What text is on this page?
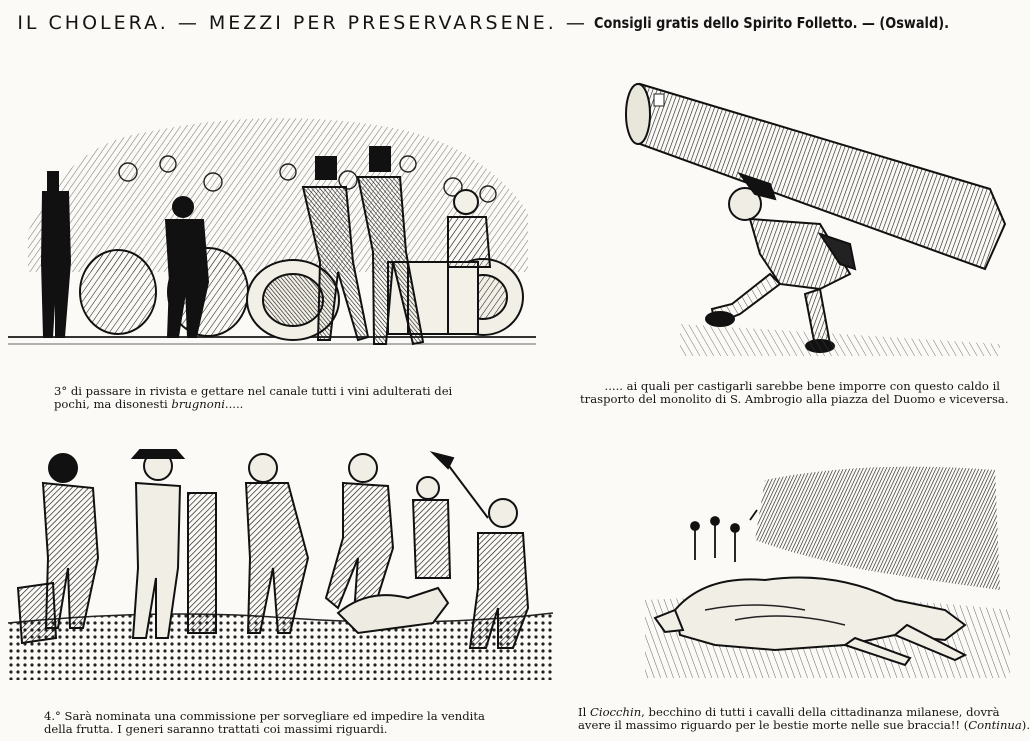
IL CHOLERA. — MEZZI PER PRESERVARSENE. — Consigli gratis dello Spirito Folletto. — (Oswald).
3° di passare in rivista e gettare nel canale tutti i vini adulterati dei
pochi, ma disonesti brugnoni.....
..... ai quali per castigarli sarebbe bene imporre con questo caldo il
trasporto del monolito di S. Ambrogio alla piazza del Duomo e viceversa.
4.° Sarà nominata una commissione per sorvegliare ed impedire la vendita
della frutta. I generi saranno trattati coi massimi riguardi.
Il Ciocchin, becchino di tutti i cavalli della cittadinanza milanese, dovrà
avere il massimo riguardo per le bestie morte nelle sue braccia!! (Continua).
